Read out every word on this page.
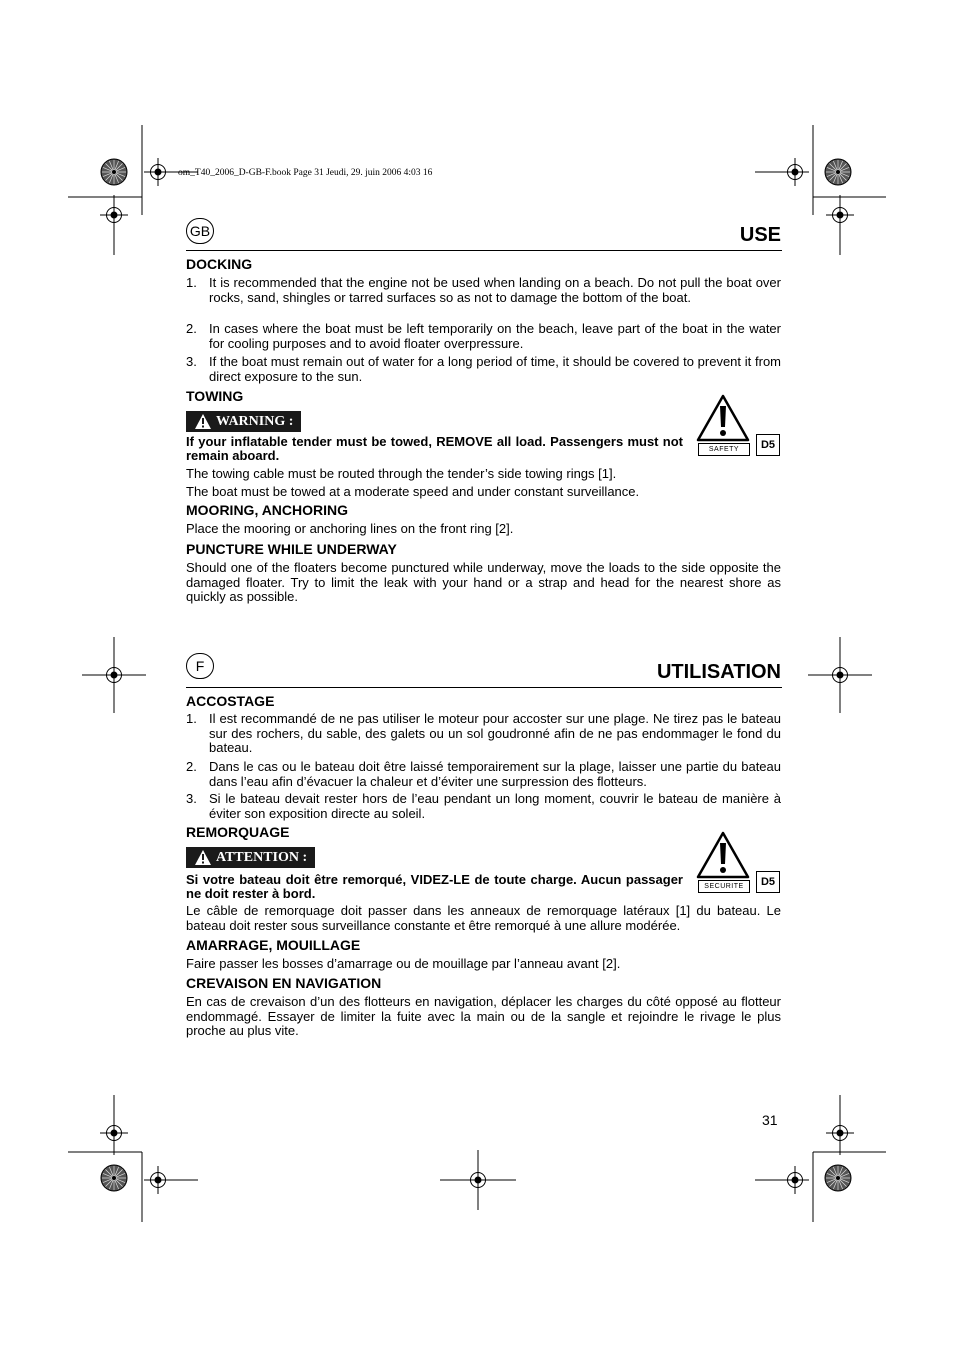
om_T40_2006_D-GB-F.book Page 31 Jeudi, 29. juin 2006 4:03 16
GB	USE
DOCKING
1. It is recommended that the engine not be used when landing on a beach. Do not pull the boat over rocks, sand, shingles or tarred surfaces so as not to damage the bottom of the boat.
2. In cases where the boat must be left temporarily on the beach, leave part of the boat in the water for cooling purposes and to avoid floater overpressure.
3. If the boat must remain out of water for a long period of time, it should be covered to prevent it from direct exposure to the sun.
TOWING
WARNING :
SAFETY	D5
If your inflatable tender must be towed, REMOVE all load. Passengers must not remain aboard.
The towing cable must be routed through the tender’s side towing rings [1].
The boat must be towed at a moderate speed and under constant surveillance.
MOORING, ANCHORING
Place the mooring or anchoring lines on the front ring [2].
PUNCTURE WHILE UNDERWAY
Should one of the floaters become punctured while underway, move the loads to the side opposite the damaged floater. Try to limit the leak with your hand or a strap and head for the nearest shore as quickly as possible.
F	UTILISATION
ACCOSTAGE
1. Il est recommandé de ne pas utiliser le moteur pour accoster sur une plage. Ne tirez pas le bateau sur des rochers, du sable, des galets ou un sol goudronné afin de ne pas endommager le fond du bateau.
2. Dans le cas ou le bateau doit être laissé temporairement sur la plage, laisser une partie du bateau dans l’eau afin d’évacuer la chaleur et d’éviter une surpression des flotteurs.
3. Si le bateau devait rester hors de l’eau pendant un long moment, couvrir le bateau de manière à éviter son exposition directe au soleil.
REMORQUAGE
ATTENTION :
SECURITE	D5
Si votre bateau doit être remorqué, VIDEZ-LE de toute charge. Aucun passager ne doit rester à bord.
Le câble de remorquage doit passer dans les anneaux de remorquage latéraux [1] du bateau. Le bateau doit rester sous surveillance constante et être remorqué à une allure modérée.
AMARRAGE, MOUILLAGE
Faire passer les bosses d’amarrage ou de mouillage par l’anneau avant [2].
CREVAISON EN NAVIGATION
En cas de crevaison d’un des flotteurs en navigation, déplacer les charges du côté opposé au flotteur endommagé. Essayer de limiter la fuite avec la main ou de la sangle et rejoindre le rivage le plus proche au plus vite.
31
